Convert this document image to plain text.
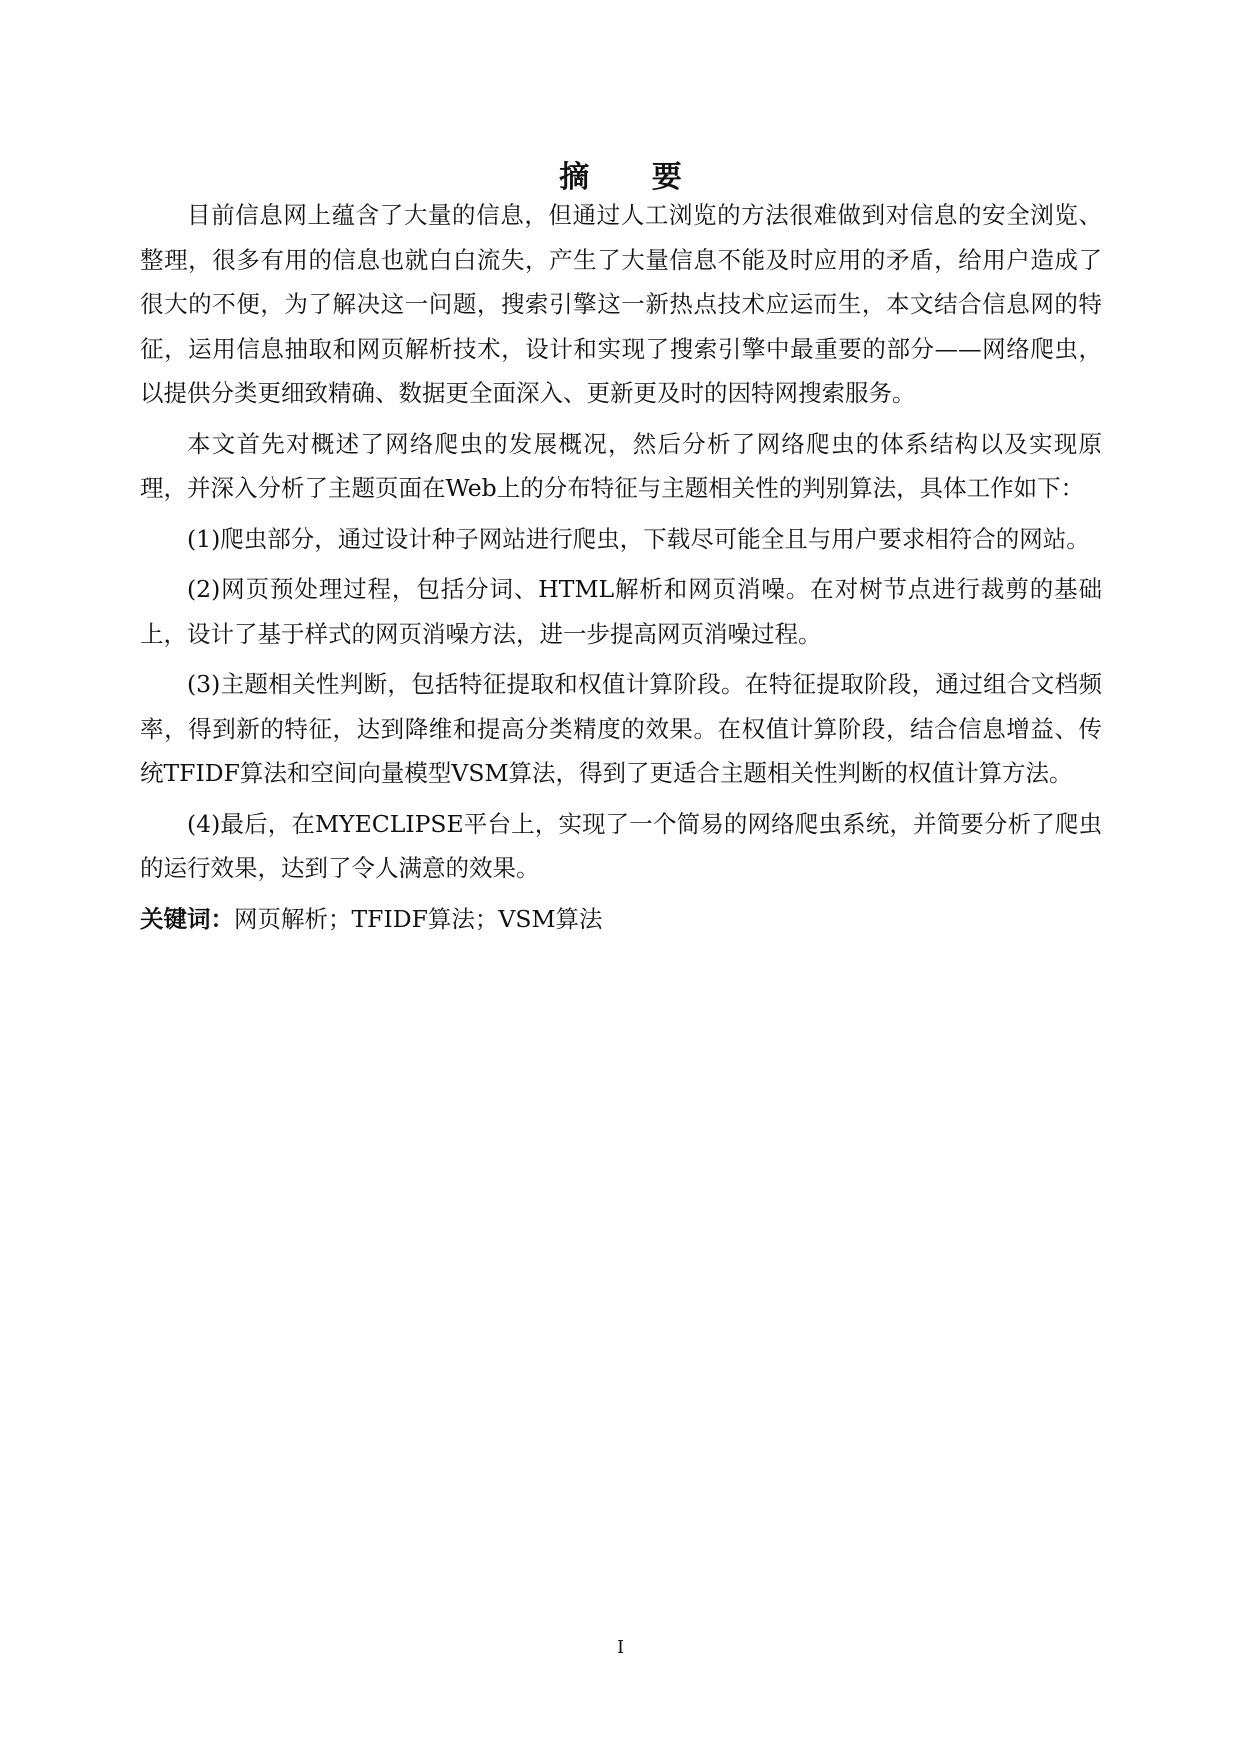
摘 要

目前信息网上蕴含了大量的信息，但通过人工浏览的方法很难做到对信息的安全浏览、整理，很多有用的信息也就白白流失，产生了大量信息不能及时应用的矛盾，给用户造成了很大的不便，为了解决这一问题，搜索引擎这一新热点技术应运而生，本文结合信息网的特征，运用信息抽取和网页解析技术，设计和实现了搜索引擎中最重要的部分——网络爬虫，以提供分类更细致精确、数据更全面深入、更新更及时的因特网搜索服务。

本文首先对概述了网络爬虫的发展概况，然后分析了网络爬虫的体系结构以及实现原理，并深入分析了主题页面在Web上的分布特征与主题相关性的判别算法，具体工作如下：

(1)爬虫部分，通过设计种子网站进行爬虫，下载尽可能全且与用户要求相符合的网站。

(2)网页预处理过程，包括分词、HTML解析和网页消噪。在对树节点进行裁剪的基础上，设计了基于样式的网页消噪方法，进一步提高网页消噪过程。

(3)主题相关性判断，包括特征提取和权值计算阶段。在特征提取阶段，通过组合文档频率，得到新的特征，达到降维和提高分类精度的效果。在权值计算阶段，结合信息增益、传统TFIDF算法和空间向量模型VSM算法，得到了更适合主题相关性判断的权值计算方法。

(4)最后，在MYECLIPSE平台上，实现了一个简易的网络爬虫系统，并简要分析了爬虫的运行效果，达到了令人满意的效果。

关键词：网页解析；TFIDF算法；VSM算法

I
